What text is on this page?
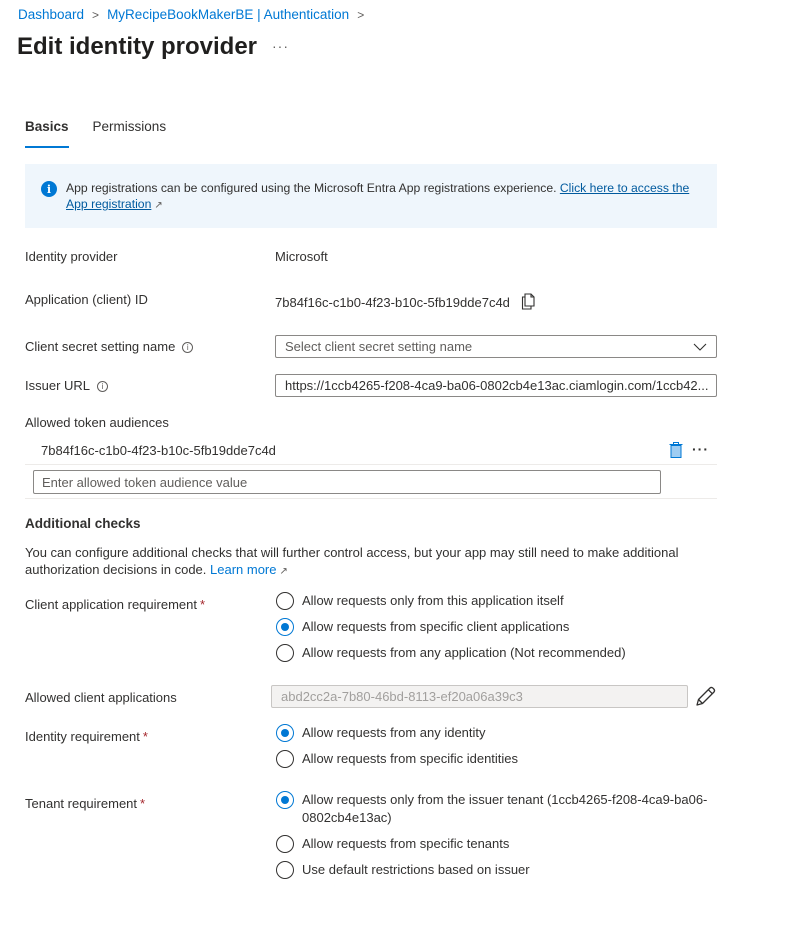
Dashboard > MyRecipeBookMakerBE | Authentication >
Edit identity provider ···
Basics Permissions
i	App registrations can be configured using the Microsoft Entra App registrations experience. Click here to access the
App registration ↗
Identity provider	Microsoft
Application (client) ID	7b84f16c-c1b0-4f23-b10c-5fb19dde7c4d
Client secret setting name i	Select client secret setting name
Issuer URL i	https://1ccb4265-f208-4ca9-ba06-0802cb4e13ac.ciamlogin.com/1ccb42...
Allowed token audiences
7b84f16c-c1b0-4f23-b10c-5fb19dde7c4d	···
Enter allowed token audience value
Additional checks
You can configure additional checks that will further control access, but your app may still need to make additional authorization decisions in code. Learn more ↗
Client application requirement *	Allow requests only from this application itself
Allow requests from specific client applications
Allow requests from any application (Not recommended)
Allowed client applications	abd2cc2a-7b80-46bd-8113-ef20a06a39c3
Identity requirement *	Allow requests from any identity
Allow requests from specific identities
Tenant requirement *	Allow requests only from the issuer tenant (1ccb4265-f208-4ca9-ba06-0802cb4e13ac)
Allow requests from specific tenants
Use default restrictions based on issuer
